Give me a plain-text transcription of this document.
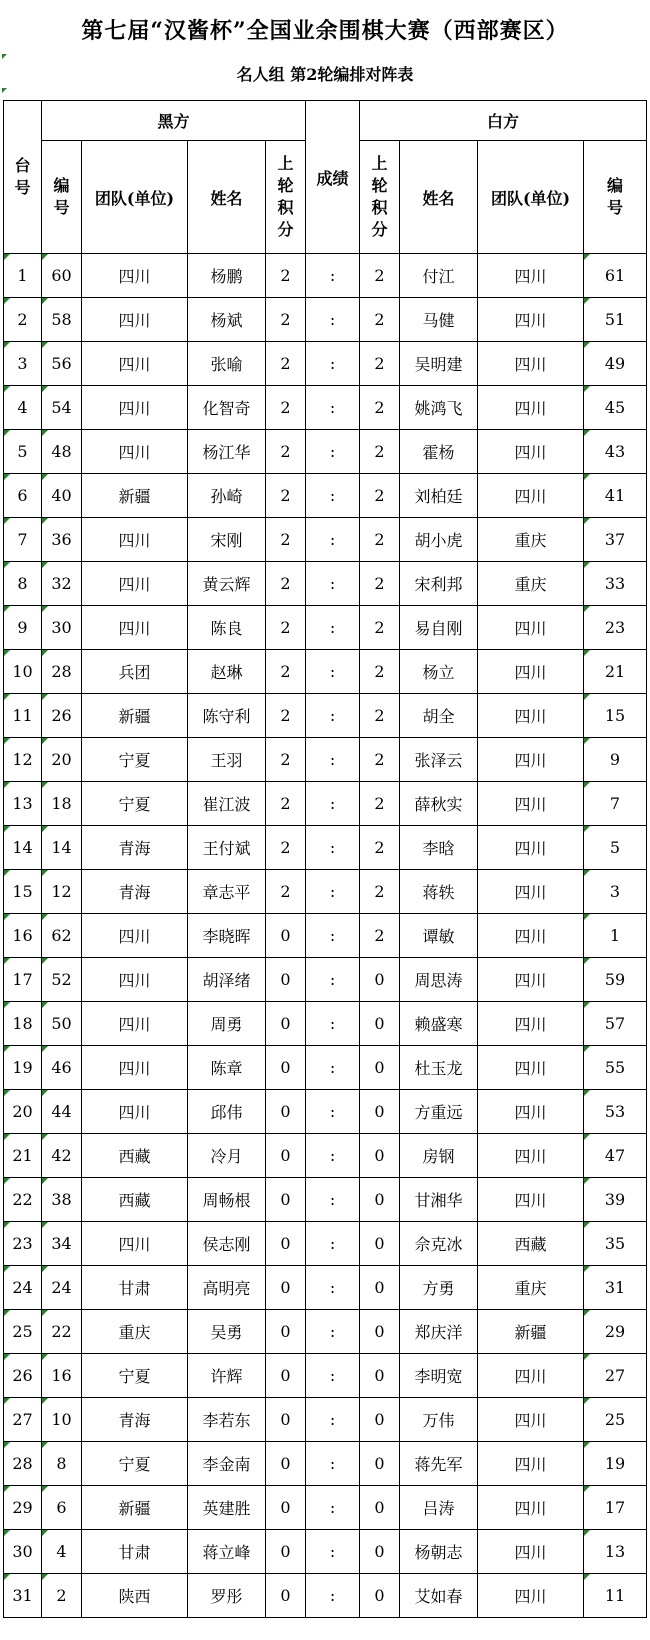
第七届“汉酱杯”全国业余围棋大赛（西部赛区）
名人组 第2轮编排对阵表
台号	黑方				成绩	白方			
	编号	团队(单位)	姓名	上轮积分		上轮积分	姓名	团队(单位)	编号

1	60	四川	杨鹏	2	:	2	付江	四川	61

2	58	四川	杨斌	2	:	2	马健	四川	51

3	56	四川	张喻	2	:	2	吴明建	四川	49

4	54	四川	化智奇	2	:	2	姚鸿飞	四川	45

5	48	四川	杨江华	2	:	2	霍杨	四川	43

6	40	新疆	孙崎	2	:	2	刘柏廷	四川	41

7	36	四川	宋刚	2	:	2	胡小虎	重庆	37

8	32	四川	黄云辉	2	:	2	宋利邦	重庆	33

9	30	四川	陈良	2	:	2	易自刚	四川	23

10	28	兵团	赵琳	2	:	2	杨立	四川	21

11	26	新疆	陈守利	2	:	2	胡全	四川	15

12	20	宁夏	王羽	2	:	2	张泽云	四川	9

13	18	宁夏	崔江波	2	:	2	薛秋实	四川	7

14	14	青海	王付斌	2	:	2	李晗	四川	5

15	12	青海	章志平	2	:	2	蒋轶	四川	3

16	62	四川	李晓晖	0	:	2	谭敏	四川	1

17	52	四川	胡泽绪	0	:	0	周思涛	四川	59

18	50	四川	周勇	0	:	0	赖盛寒	四川	57

19	46	四川	陈章	0	:	0	杜玉龙	四川	55

20	44	四川	邱伟	0	:	0	方重远	四川	53

21	42	西藏	冷月	0	:	0	房钢	四川	47

22	38	西藏	周畅根	0	:	0	甘湘华	四川	39

23	34	四川	侯志刚	0	:	0	佘克冰	西藏	35

24	24	甘肃	高明亮	0	:	0	方勇	重庆	31

25	22	重庆	吴勇	0	:	0	郑庆洋	新疆	29

26	16	宁夏	许辉	0	:	0	李明宽	四川	27

27	10	青海	李若东	0	:	0	万伟	四川	25

28	8	宁夏	李金南	0	:	0	蒋先军	四川	19

29	6	新疆	英建胜	0	:	0	吕涛	四川	17

30	4	甘肃	蒋立峰	0	:	0	杨朝志	四川	13

31	2	陕西	罗彤	0	:	0	艾如春	四川	11
